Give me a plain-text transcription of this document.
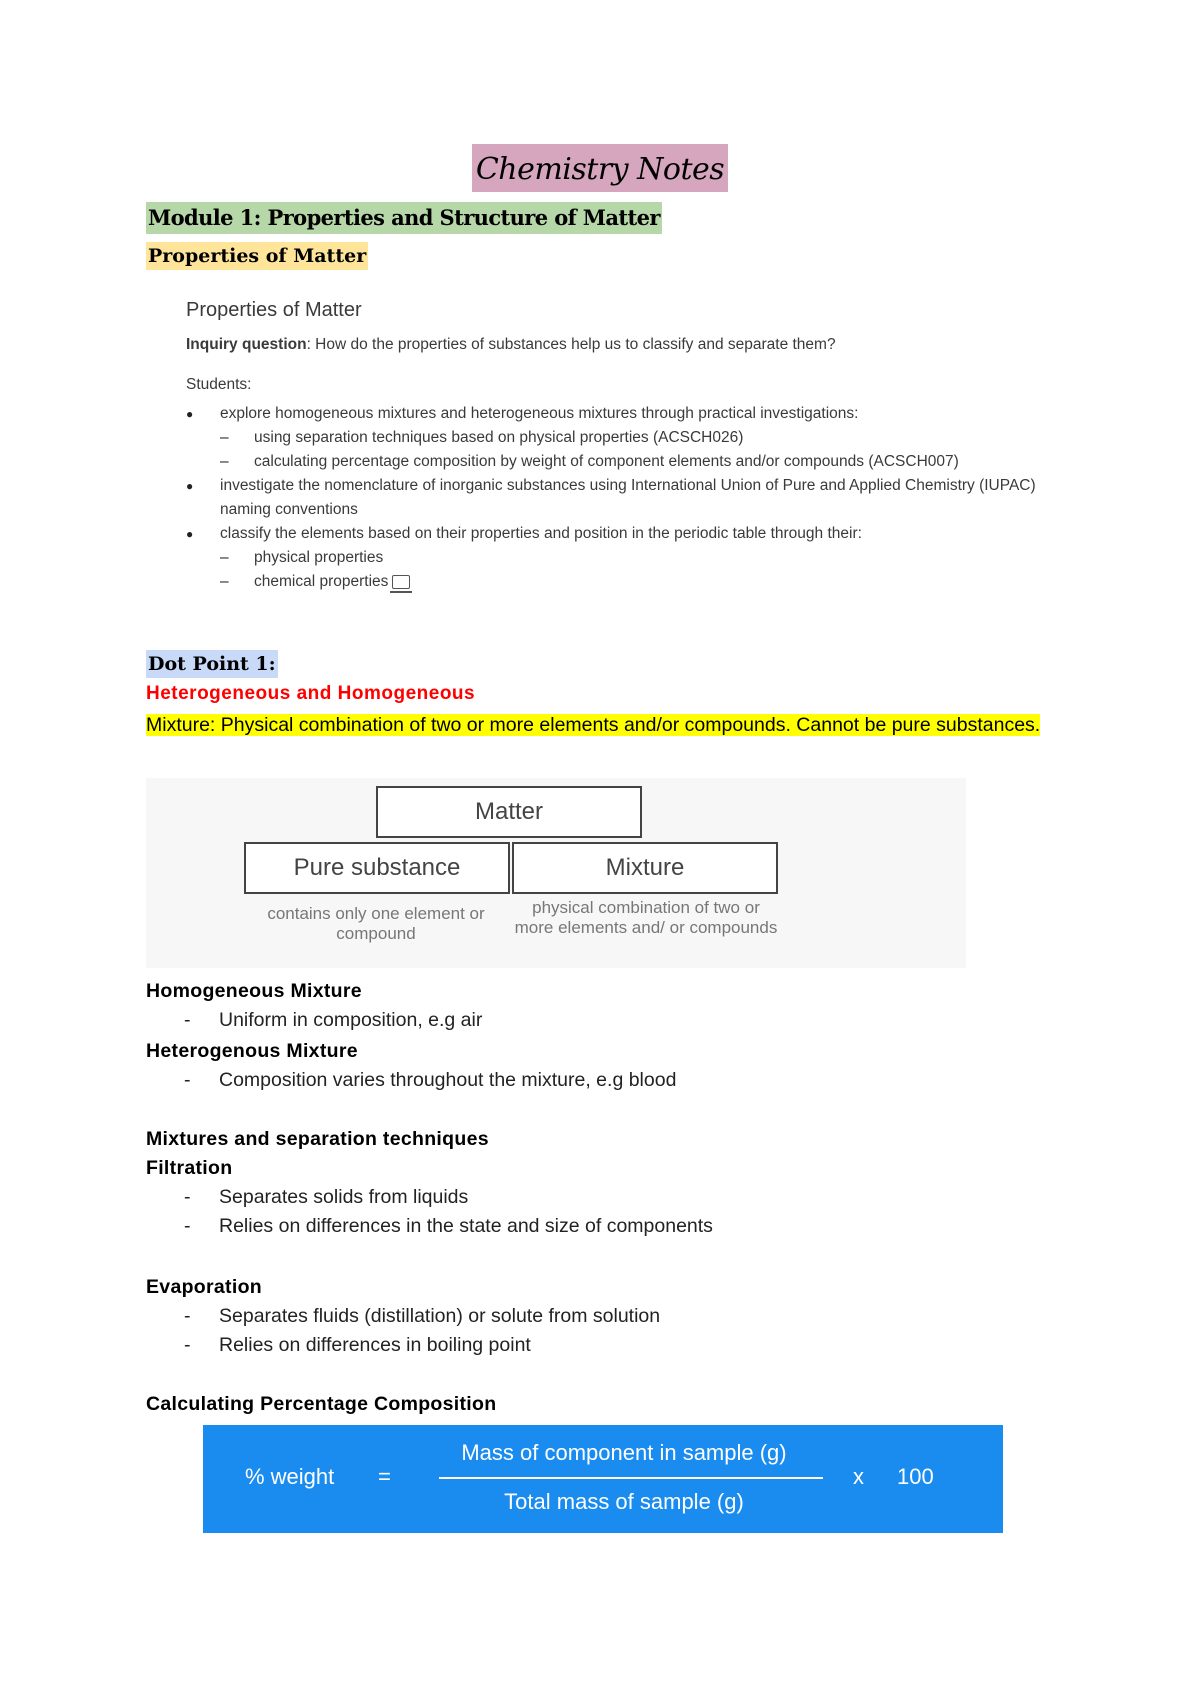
Chemistry Notes
Module 1: Properties and Structure of Matter
Properties of Matter

Properties of Matter

Inquiry question: How do the properties of substances help us to classify and separate them?
Students:
● explore homogeneous mixtures and heterogeneous mixtures through practical investigations:
– using separation techniques based on physical properties (ACSCH026)
– calculating percentage composition by weight of component elements and/or compounds (ACSCH007)
● investigate the nomenclature of inorganic substances using International Union of Pure and Applied Chemistry (IUPAC) naming conventions
● classify the elements based on their properties and position in the periodic table through their:
– physical properties
– chemical properties
Dot Point 1:
Heterogeneous and Homogeneous
Mixture: Physical combination of two or more elements and/or compounds. Cannot be pure substances.
Matter
Pure substance	Mixture
contains only one element or compound
physical combination of two or more elements and/ or compounds
Homogeneous Mixture
- Uniform in composition, e.g air
Heterogenous Mixture
- Composition varies throughout the mixture, e.g blood
Mixtures and separation techniques
Filtration
- Separates solids from liquids
- Relies on differences in the state and size of components
Evaporation
- Separates fluids (distillation) or solute from solution
- Relies on differences in boiling point
Calculating Percentage Composition
% weight =
Mass of component in sample (g)
Total mass of sample (g)
x 100
